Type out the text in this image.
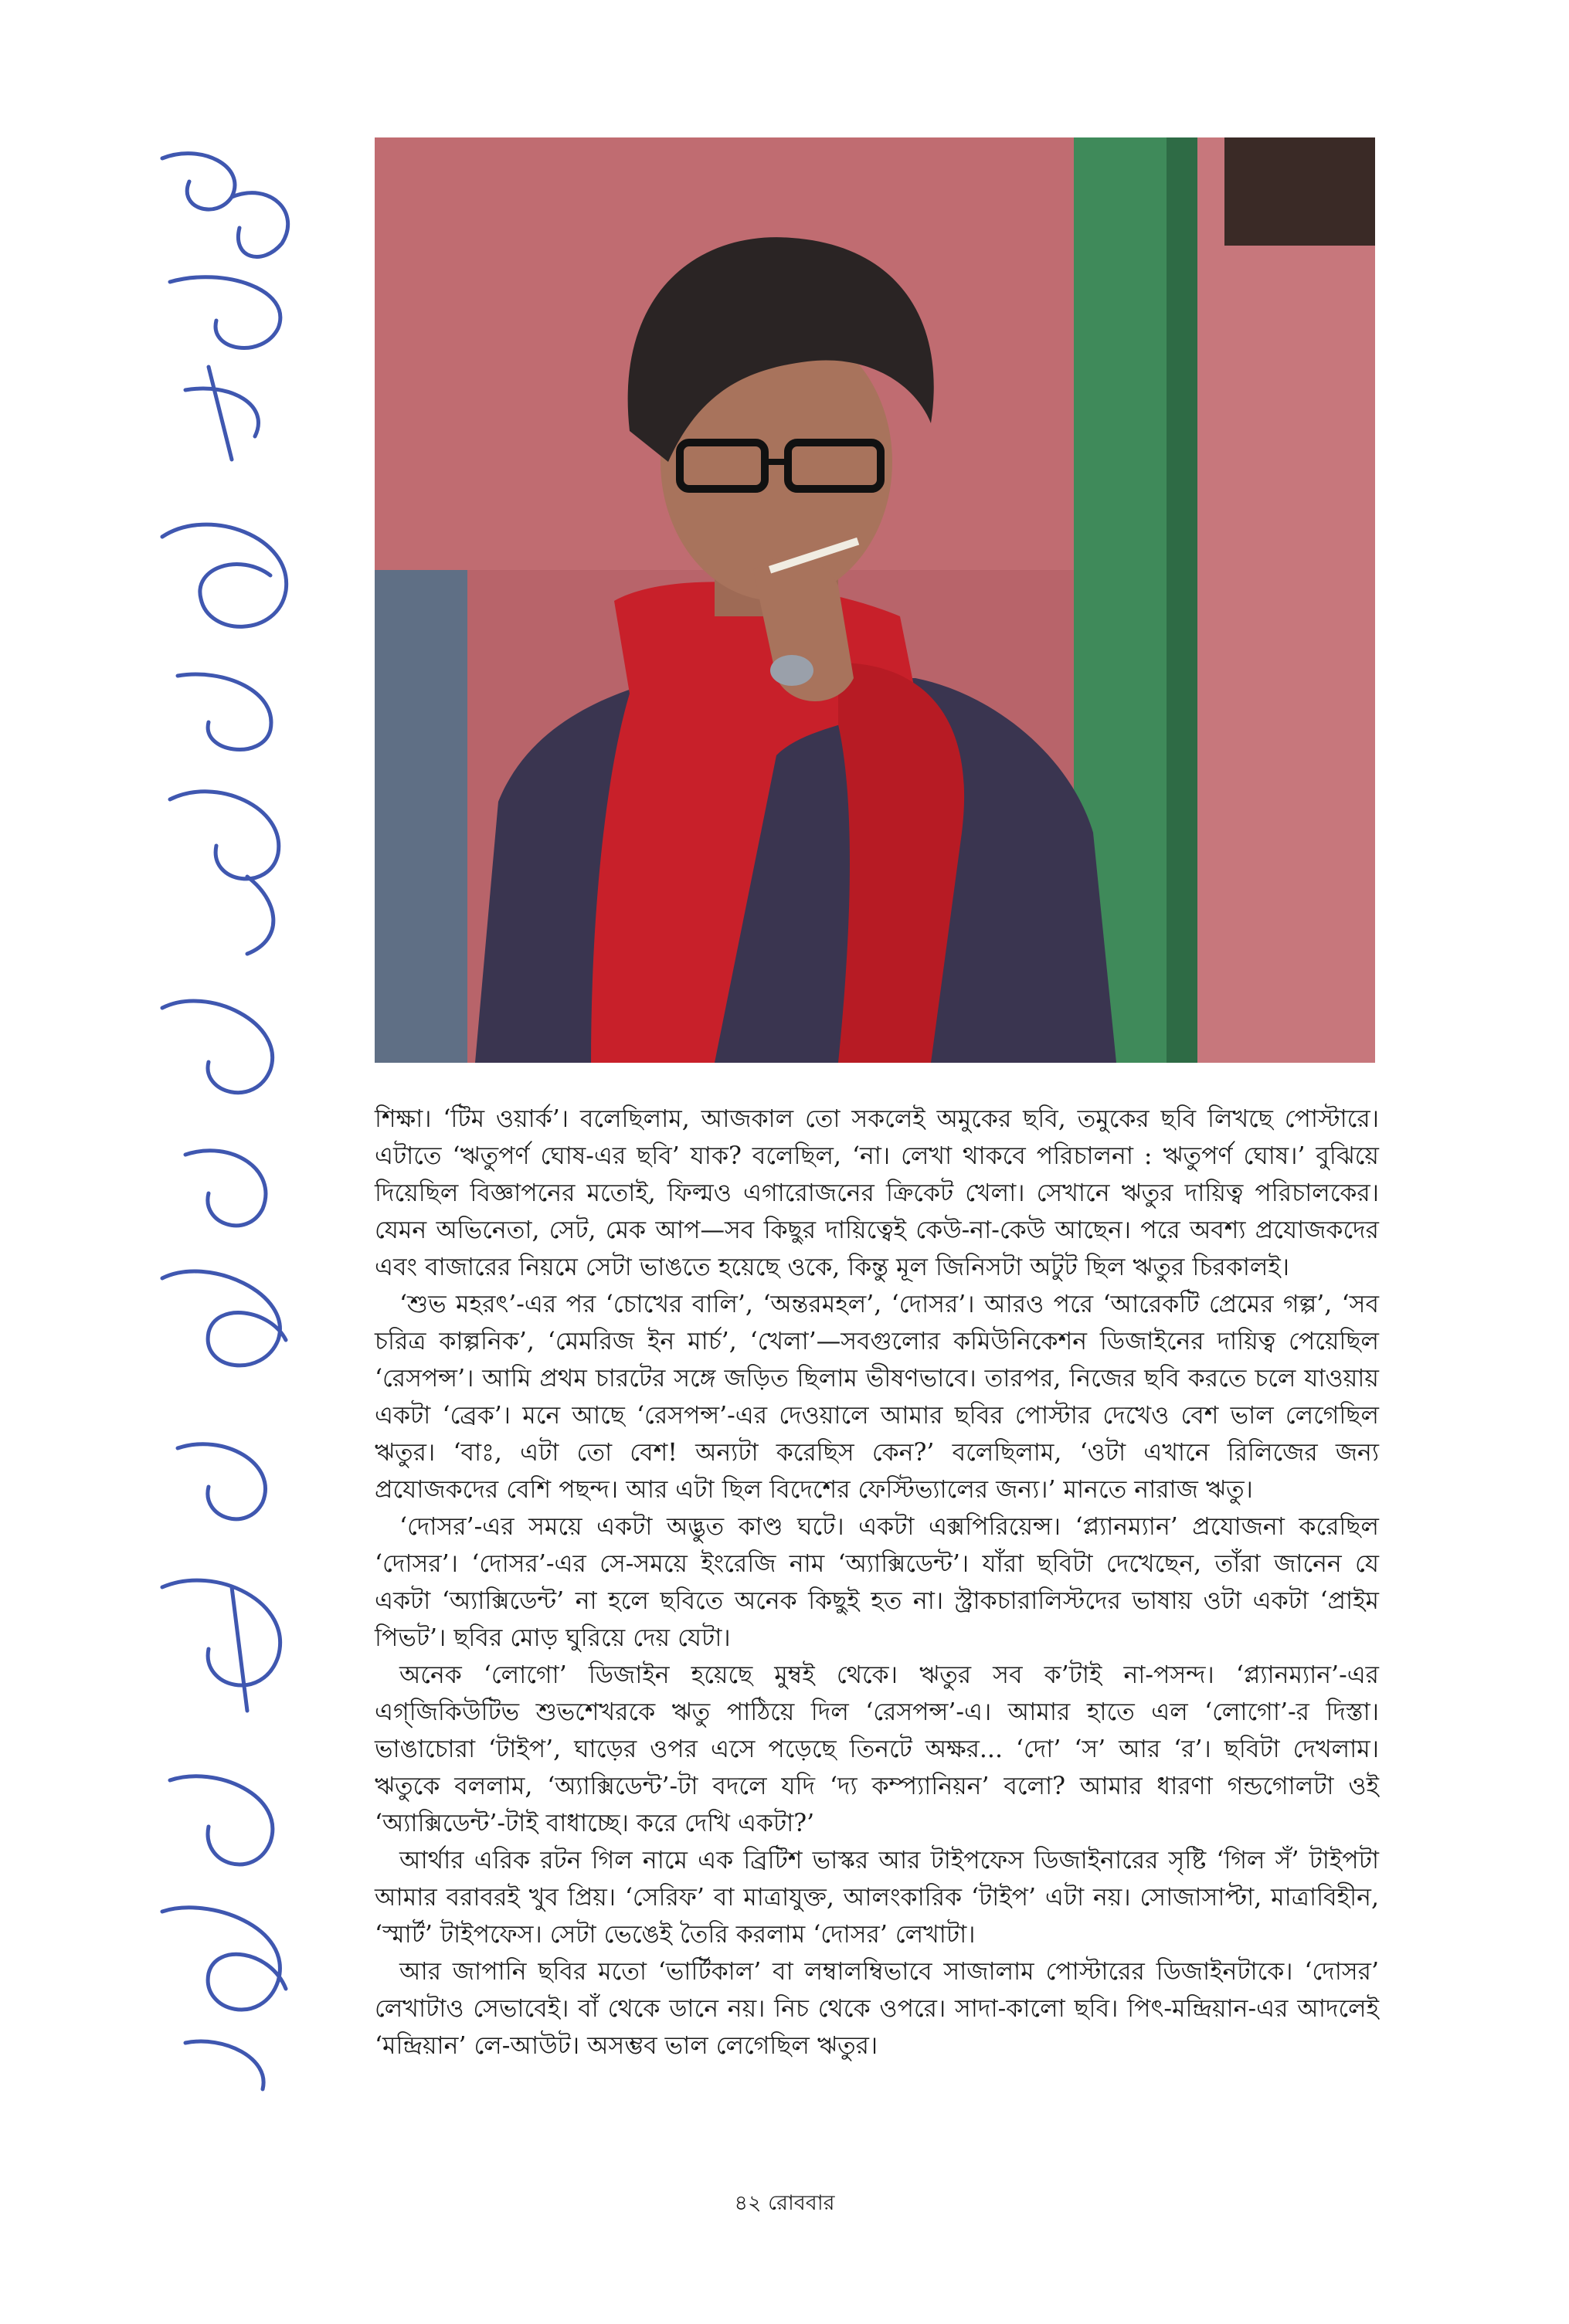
শিক্ষা। ‘টিম ওয়ার্ক’। বলেছিলাম, আজকাল তো সকলেই অমুকের ছবি, তমুকের ছবি লিখছে পোস্টারে। এটাতে ‘ঋতুপর্ণ ঘোষ-এর ছবি’ যাক? বলেছিল, ‘না। লেখা থাকবে পরিচালনা : ঋতুপর্ণ ঘোষ।’ বুঝিয়ে দিয়েছিল বিজ্ঞাপনের মতোই, ফিল্মও এগারোজনের ক্রিকেট খেলা। সেখানে ঋতুর দায়িত্ব পরিচালকের। যেমন অভিনেতা, সেট, মেক আপ—সব কিছুর দায়িত্বেই কেউ-না-কেউ আছেন। পরে অবশ্য প্রযোজকদের এবং বাজারের নিয়মে সেটা ভাঙতে হয়েছে ওকে, কিন্তু মূল জিনিসটা অটুট ছিল ঋতুর চিরকালই।

‘শুভ মহরৎ’-এর পর ‘চোখের বালি’, ‘অন্তরমহল’, ‘দোসর’। আরও পরে ‘আরেকটি প্রেমের গল্প’, ‘সব চরিত্র কাল্পনিক’, ‘মেমরিজ ইন মার্চ’, ‘খেলা’—সবগুলোর কমিউনিকেশন ডিজাইনের দায়িত্ব পেয়েছিল ‘রেসপন্স’। আমি প্রথম চারটের সঙ্গে জড়িত ছিলাম ভীষণভাবে। তারপর, নিজের ছবি করতে চলে যাওয়ায় একটা ‘ব্রেক’। মনে আছে ‘রেসপন্স’-এর দেওয়ালে আমার ছবির পোস্টার দেখেও বেশ ভাল লেগেছিল ঋতুর। ‘বাঃ, এটা তো বেশ! অন্যটা করেছিস কেন?’ বলেছিলাম, ‘ওটা এখানে রিলিজের জন্য প্রযোজকদের বেশি পছন্দ। আর এটা ছিল বিদেশের ফেস্টিভ্যালের জন্য।’ মানতে নারাজ ঋতু।

‘দোসর’-এর সময়ে একটা অদ্ভুত কাণ্ড ঘটে। একটা এক্সপিরিয়েন্স। ‘প্ল্যানম্যান’ প্রযোজনা করেছিল ‘দোসর’। ‘দোসর’-এর সে-সময়ে ইংরেজি নাম ‘অ্যাক্সিডেন্ট’। যাঁরা ছবিটা দেখেছেন, তাঁরা জানেন যে একটা ‘অ্যাক্সিডেন্ট’ না হলে ছবিতে অনেক কিছুই হত না। স্ট্রাকচারালিস্টদের ভাষায় ওটা একটা ‘প্রাইম পিভট’। ছবির মোড় ঘুরিয়ে দেয় যেটা।

অনেক ‘লোগো’ ডিজাইন হয়েছে মুম্বই থেকে। ঋতুর সব ক’টাই না-পসন্দ। ‘প্ল্যানম্যান’-এর এগ্‌জিকিউটিভ শুভশেখরকে ঋতু পাঠিয়ে দিল ‘রেসপন্স’-এ। আমার হাতে এল ‘লোগো’-র দিস্তা। ভাঙাচোরা ‘টাইপ’, ঘাড়ের ওপর এসে পড়েছে তিনটে অক্ষর... ‘দো’ ‘স’ আর ‘র’। ছবিটা দেখলাম। ঋতুকে বললাম, ‘অ্যাক্সিডেন্ট’-টা বদলে যদি ‘দ্য কম্প্যানিয়ন’ বলো? আমার ধারণা গন্ডগোলটা ওই ‘অ্যাক্সিডেন্ট’-টাই বাধাচ্ছে। করে দেখি একটা?’

আর্থার এরিক রটন গিল নামে এক ব্রিটিশ ভাস্কর আর টাইপফেস ডিজাইনারের সৃষ্টি ‘গিল সঁ’ টাইপটা আমার বরাবরই খুব প্রিয়। ‘সেরিফ’ বা মাত্রাযুক্ত, আলংকারিক ‘টাইপ’ এটা নয়। সোজাসাপ্টা, মাত্রাবিহীন, ‘স্মার্ট’ টাইপফেস। সেটা ভেঙেই তৈরি করলাম ‘দোসর’ লেখাটা।

আর জাপানি ছবির মতো ‘ভার্টিকাল’ বা লম্বালম্বিভাবে সাজালাম পোস্টারের ডিজাইনটাকে। ‘দোসর’ লেখাটাও সেভাবেই। বাঁ থেকে ডানে নয়। নিচ থেকে ওপরে। সাদা-কালো ছবি। পিৎ-মন্দ্রিয়ান-এর আদলেই ‘মন্দ্রিয়ান’ লে-আউট। অসম্ভব ভাল লেগেছিল ঋতুর।

৪২ রোববার
